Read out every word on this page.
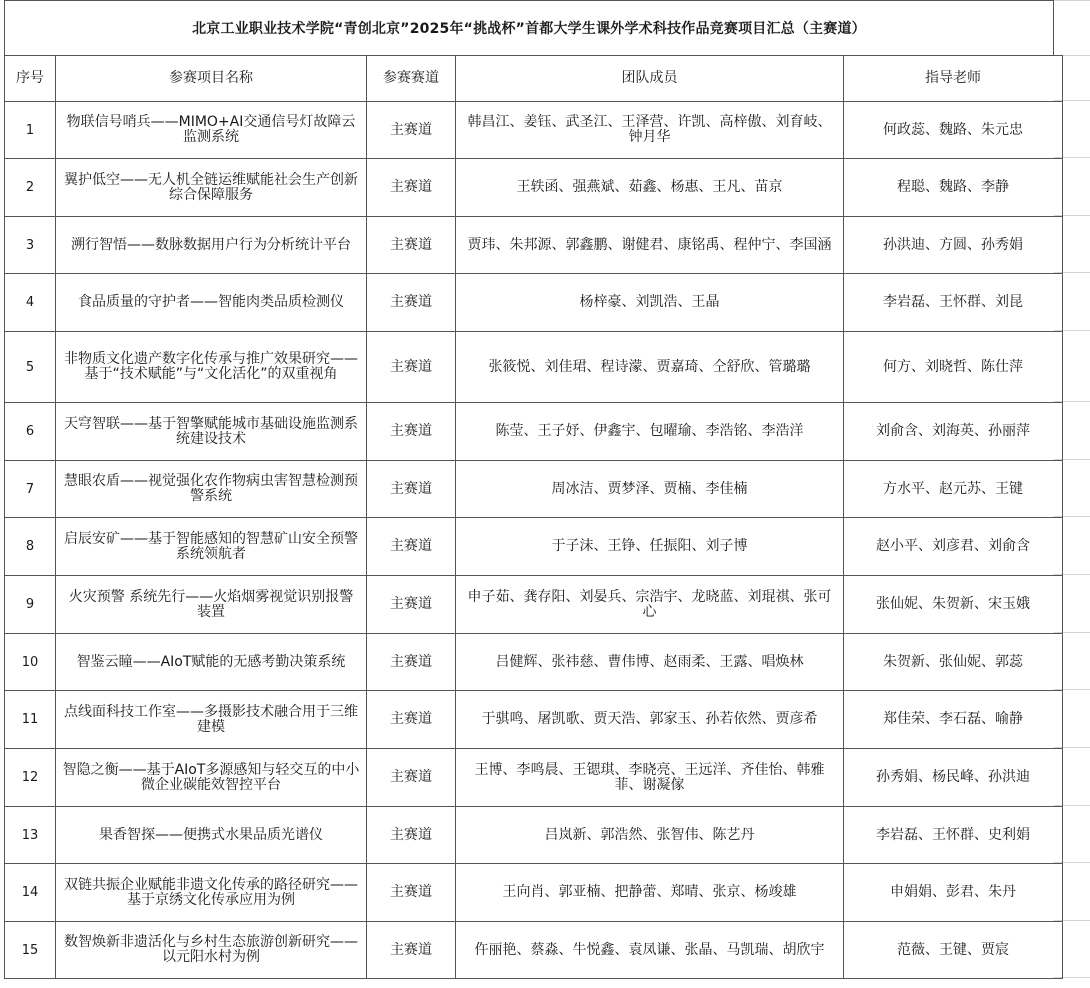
北京工业职业技术学院“青创北京”2025年“挑战杯”首都大学生课外学术科技作品竞赛项目汇总（主赛道）
序号	参赛项目名称	参赛赛道	团队成员	指导老师
1	物联信号哨兵——MIMO+AI交通信号灯故障云监测系统	主赛道	韩昌江、姜钰、武圣江、王泽营、许凯、高梓傲、刘育岐、钟月华	何政蕊、魏路、朱元忠
2	翼护低空——无人机全链运维赋能社会生产创新综合保障服务	主赛道	王轶函、强燕斌、茹鑫、杨惠、王凡、苗京	程聪、魏路、李静
3	溯行智悟——数脉数据用户行为分析统计平台	主赛道	贾玮、朱邦源、郭鑫鹏、谢健君、康铭禹、程仲宁、李国涵	孙洪迪、方圆、孙秀娟
4	食品质量的守护者——智能肉类品质检测仪	主赛道	杨梓豪、刘凯浩、王晶	李岩磊、王怀群、刘昆
5	非物质文化遗产数字化传承与推广效果研究——基于“技术赋能”与“文化活化”的双重视角	主赛道	张筱悦、刘佳珺、程诗濛、贾嘉琦、仝舒欣、管璐璐	何方、刘晓哲、陈仕萍
6	天穹智联——基于智擎赋能城市基础设施监测系统建设技术	主赛道	陈莹、王子妤、伊鑫宇、包曜瑜、李浩铭、李浩洋	刘俞含、刘海英、孙丽萍
7	慧眼农盾——视觉强化农作物病虫害智慧检测预警系统	主赛道	周冰洁、贾梦泽、贾楠、李佳楠	方水平、赵元苏、王键
8	启辰安矿——基于智能感知的智慧矿山安全预警系统领航者	主赛道	于子沫、王铮、任振阳、刘子博	赵小平、刘彦君、刘俞含
9	火灾预警 系统先行——火焰烟雾视觉识别报警装置	主赛道	申子茹、龚存阳、刘晏兵、宗浩宇、龙晓蓝、刘琨祺、张可心	张仙妮、朱贺新、宋玉娥
10	智鉴云瞳——AIoT赋能的无感考勤决策系统	主赛道	吕健辉、张祎慈、曹伟博、赵雨柔、王露、唱焕林	朱贺新、张仙妮、郭蕊
11	点线面科技工作室——多摄影技术融合用于三维建模	主赛道	于骐鸣、屠凯歌、贾天浩、郭家玉、孙若依然、贾彦希	郑佳荣、李石磊、喻静
12	智隐之衡——基于AIoT多源感知与轻交互的中小微企业碳能效智控平台	主赛道	王博、李鸣晨、王锶琪、李晓亮、王远洋、齐佳怡、韩雅菲、谢凝傢	孙秀娟、杨民峰、孙洪迪
13	果香智探——便携式水果品质光谱仪	主赛道	吕岚新、郭浩然、张智伟、陈艺丹	李岩磊、王怀群、史利娟
14	双链共振企业赋能非遗文化传承的路径研究——基于京绣文化传承应用为例	主赛道	王向肖、郭亚楠、把静蕾、郑晴、张京、杨竣雄	申娟娟、彭君、朱丹
15	数智焕新非遗活化与乡村生态旅游创新研究——以元阳水村为例	主赛道	仵丽艳、蔡淼、牛悦鑫、袁凤谦、张晶、马凯瑞、胡欣宇	范薇、王键、贾宸
